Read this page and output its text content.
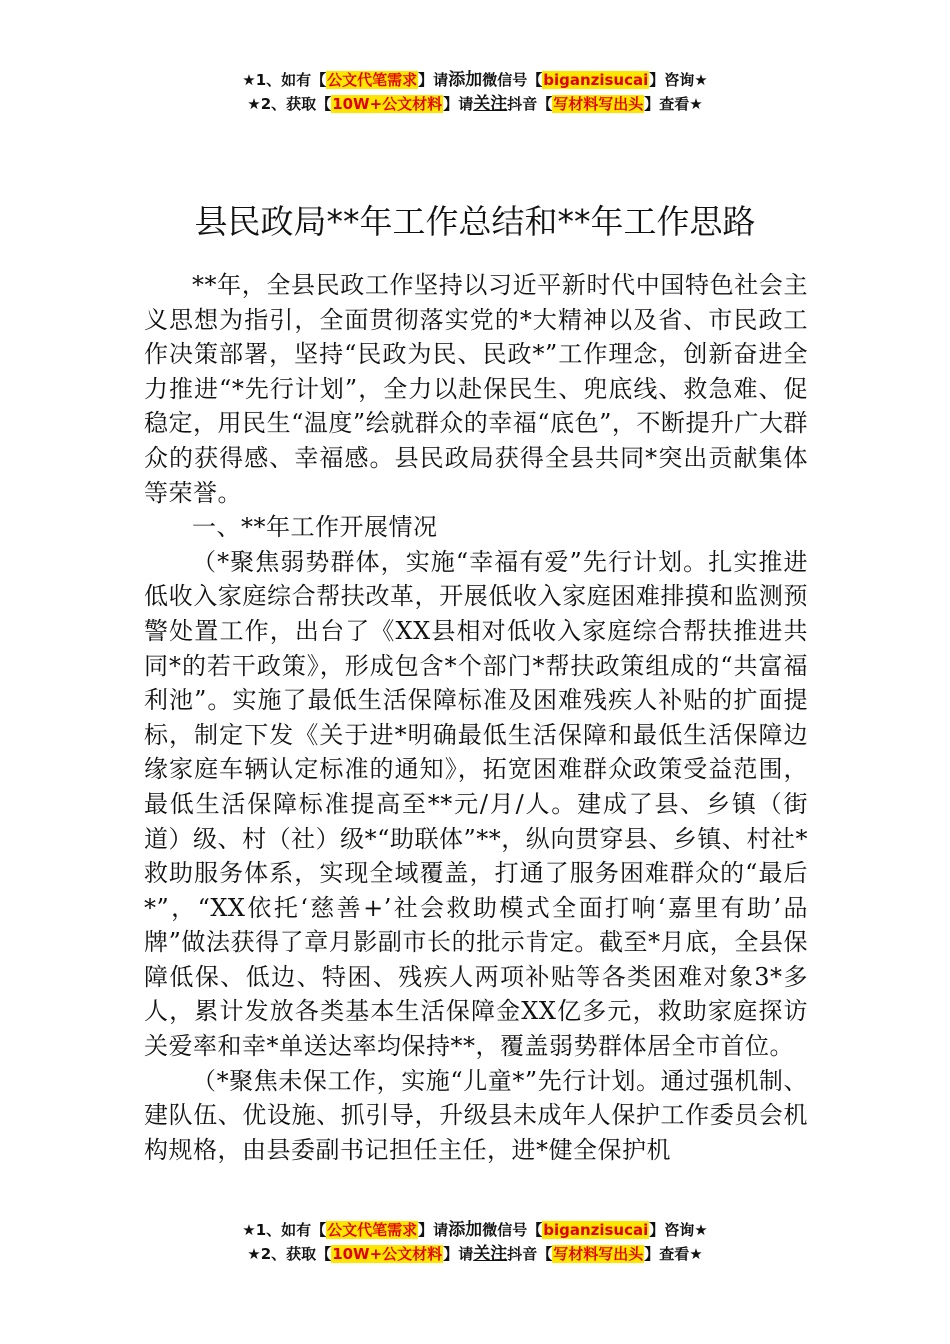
★1、如有【公文代笔需求】请添加微信号【biganzisucai】咨询★
★2、获取【10W+公文材料】请关注抖音【写材料写出头】查看★
县民政局**年工作总结和**年工作思路

**年，全县民政工作坚持以习近平新时代中国特色社会主义思想为指引，全面贯彻落实党的*大精神以及省、市民政工作决策部署，坚持“民政为民、民政*”工作理念，创新奋进全力推进“*先行计划”，全力以赴保民生、兜底线、救急难、促稳定，用民生“温度”绘就群众的幸福“底色”，不断提升广大群众的获得感、幸福感。县民政局获得全县共同*突出贡献集体等荣誉。

一、**年工作开展情况

（*聚焦弱势群体，实施“幸福有爱”先行计划。扎实推进低收入家庭综合帮扶改革，开展低收入家庭困难排摸和监测预警处置工作，出台了《XX县相对低收入家庭综合帮扶推进共同*的若干政策》，形成包含*个部门*帮扶政策组成的“共富福利池”。实施了最低生活保障标准及困难残疾人补贴的扩面提标，制定下发《关于进*明确最低生活保障和最低生活保障边缘家庭车辆认定标准的通知》，拓宽困难群众政策受益范围，最低生活保障标准提高至**元/月/人。建成了县、乡镇（街道）级、村（社）级*“助联体”**，纵向贯穿县、乡镇、村社*救助服务体系，实现全域覆盖，打通了服务困难群众的“最后*”，“XX依托‘慈善+’社会救助模式全面打响‘嘉里有助’品牌”做法获得了章月影副市长的批示肯定。截至*月底，全县保障低保、低边、特困、残疾人两项补贴等各类困难对象3*多人，累计发放各类基本生活保障金XX亿多元，救助家庭探访关爱率和幸*单送达率均保持**，覆盖弱势群体居全市首位。

（*聚焦未保工作，实施“儿童*”先行计划。通过强机制、建队伍、优设施、抓引导，升级县未成年人保护工作委员会机构规格，由县委副书记担任主任，进*健全保护机

★1、如有【公文代笔需求】请添加微信号【biganzisucai】咨询★
★2、获取【10W+公文材料】请关注抖音【写材料写出头】查看★
